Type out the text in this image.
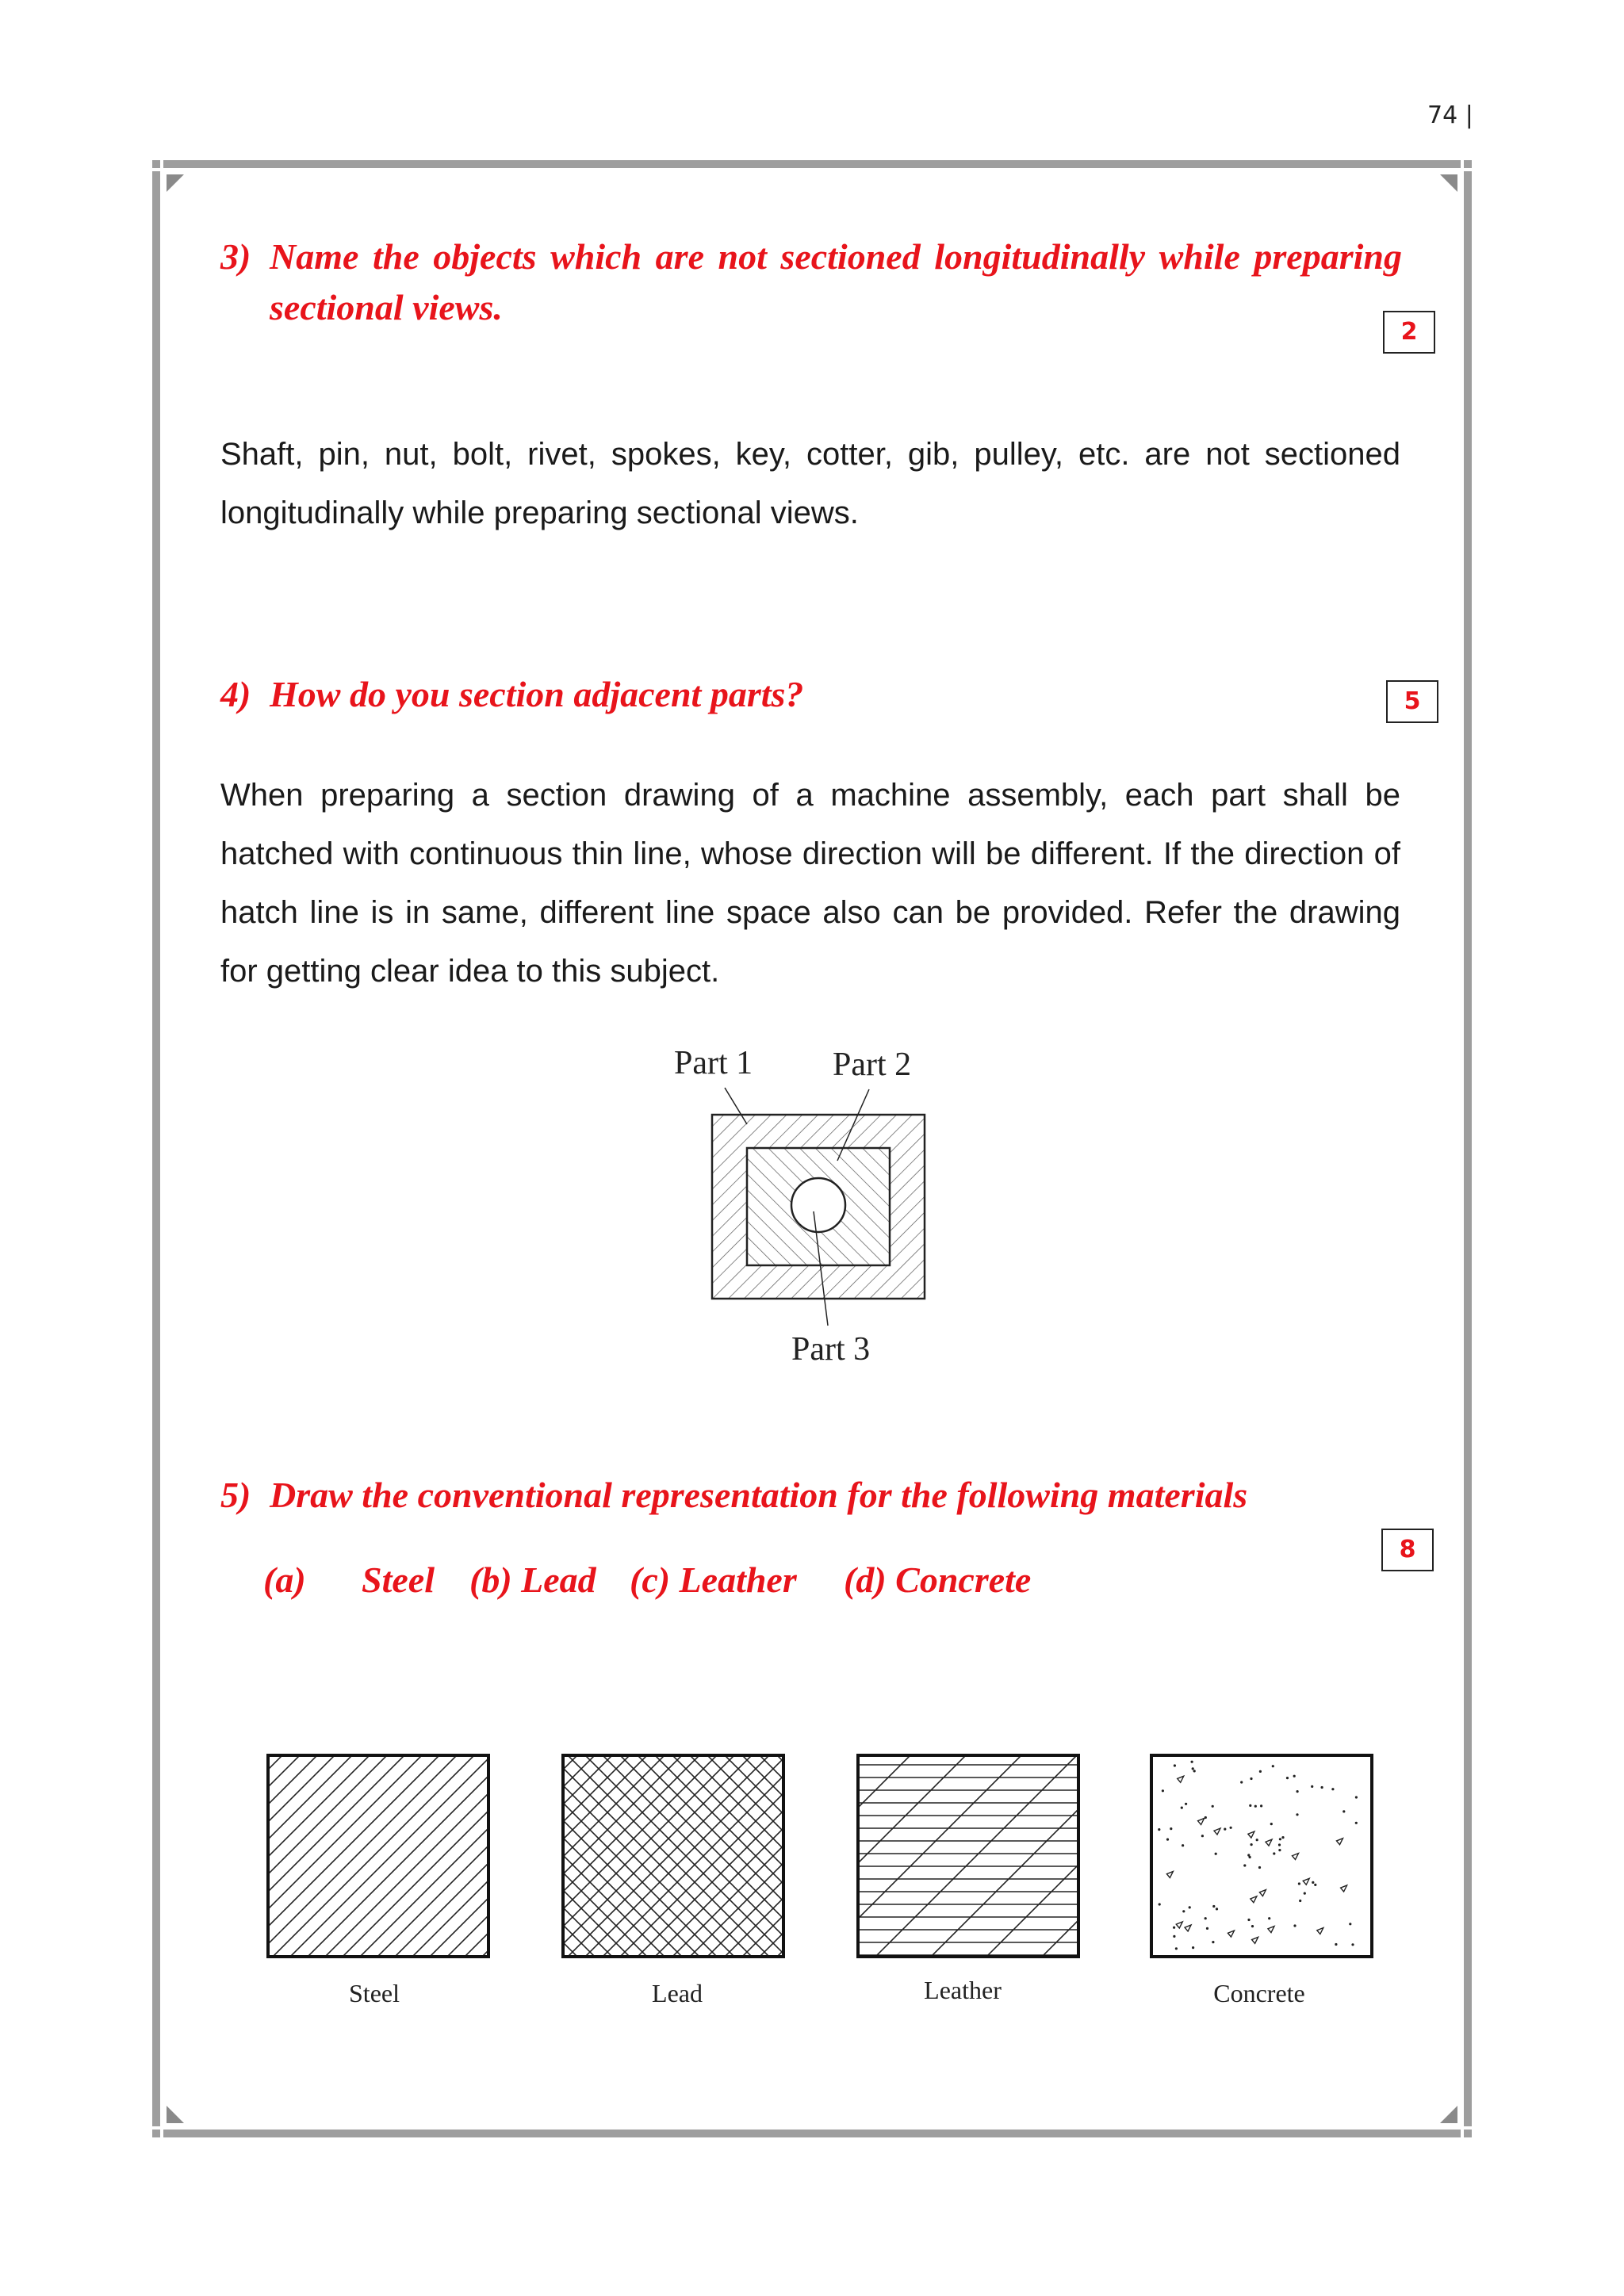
74 |
3) Name the objects which are not sectioned longitudinally while preparing sectional views.
2
Shaft, pin, nut, bolt, rivet, spokes, key, cotter, gib, pulley, etc. are not sectioned longitudinally while preparing sectional views.
4) How do you section adjacent parts?	5
When preparing a section drawing of a machine assembly, each part shall be hatched with continuous thin line, whose direction will be different. If the direction of hatch line is in same, different line space also can be provided. Refer the drawing for getting clear idea to this subject.
Part 1 Part 2
Part 3
5) Draw the conventional representation for the following materials
8

(a)

Steel

(b) Lead

(c) Leather

(d) Concrete

Steel	Lead	Leather	Concrete
